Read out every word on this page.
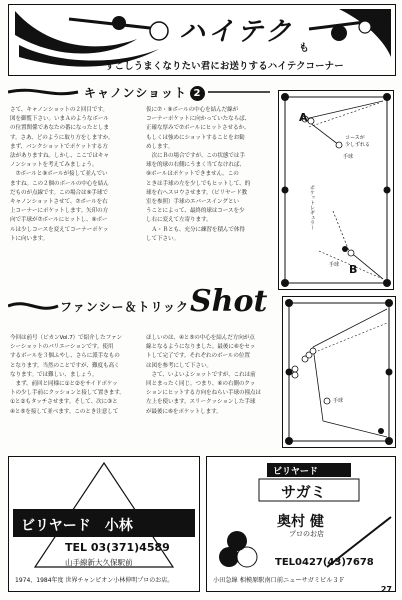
ハイテク
も
すこしうまくなりたい君にお送りするハイテクコーナー
キャノンショット 2
さて、キャノンショットの２回目です。
図を御覧下さい。いまＡのようなボール
の位置関係であなたの番になったとしま
す。さあ、どのように取り方をしますか。
まず、バンクショットでポケットする方
法がありますね。しかし、ここではキャ
ノンショットを考えてみましょう。
　⑦ボールと⑨ボールが接して並んでい
ますね。この２個のボールの中心を結ん
だものが点線です。この場合は⑨手球で
キャノンショットさせて、⑦ボールを右
上コーナーにポケットします。矢印の方
向で手球が⑦ボールにヒットし、⑨ボー
ルは少しコースを変えてコーナーポケッ
トに向います。
仮に⑦・⑨ボールの中心を結んだ線が
コーナーポケットに向かっていたならば、
正確な厚みで⑦ボールにヒットさせるか、
もしくは強めにショットすることをお勧
めします。
　次にＢの場合ですが、この状態では手
球を的球の右側にうまく当てなければ、
⑨ボールはポケットできません。この
ときは手球の左を少しでもヒットして、的
球を右へスロウさせます。（ビリヤード教
室を参照）手球のエバースイングとい
うことによって、最終的球はコースを少
し右に変えて左寄ります。
　Ａ・Ｂとも、充分に練習を積んで体得
して下さい。
A
B
コースが
少しずれる
手球
ポケットレギュラー
手球
ファンシー＆トリック Shot
今回は前号（ビカンVol.7）で紹介したファン
シーショットのバリエーションです。使用
するボールを３個ふやし、さらに派手なもの
となります。当然のことですが、難度も高く
なります。では難しい、ましょう。
　まず、前回と同様に①と②をサイドポケッ
トの少し手前にクッションと接して置きます。
①と②もタッチさせます。そして、次に③と
④と⑤を接して並べます。このとき注意して
ほしいのは、④と⑤の中心を結んだ方向が点
線となるようになりました。最後に⑥をセッ
トして完了です。それぞれのボールの位置
は図を参考にして下さい。
　さて、いよいよショットですが、これは前
回とまったく同じ。つまり、⑥の右側のクッ
ションにヒットする方向をねらい手球の撞点は
左上を使います。スリークッションした手球
が最後に⑥をポケットします。
手球
ビリヤード　小林
TEL 03(371)4589
山手線新大久保駅前
1974、1984年度 世界チャンピオン小林伸明プロのお店。
ビリヤード
サガミ
奥村 健
プロのお店
TEL0427(43)7678
小田急線 相模原駅南口前ニューサガミビル３Ｆ
27
